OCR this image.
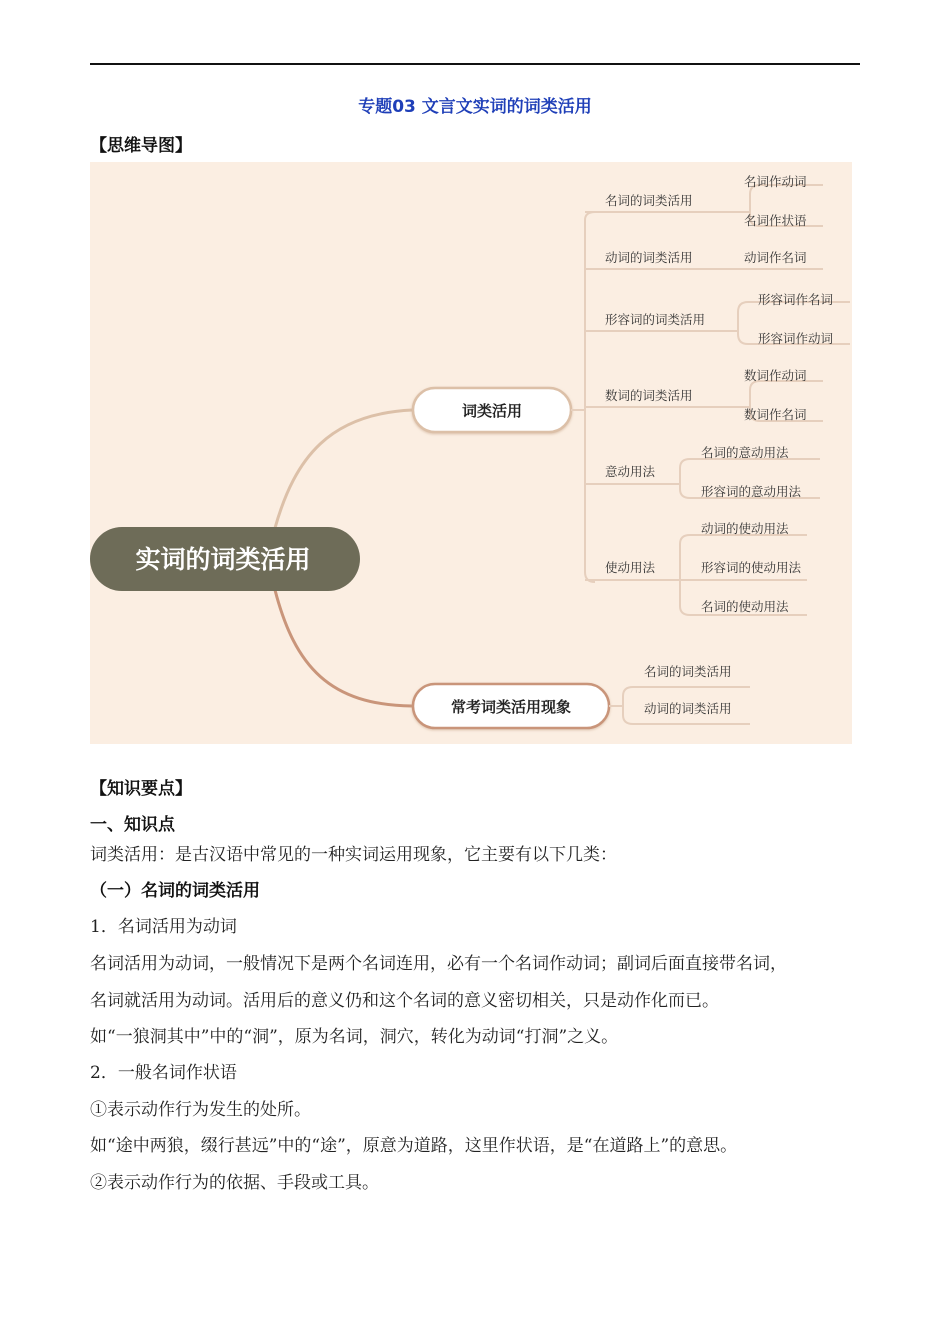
专题03 文言文实词的词类活用
【思维导图】
实词的词类活用
词类活用
名词的词类活用
动词的词类活用
形容词的词类活用
数词的词类活用
意动用法
使动用法
名词作动词
名词作状语
动词作名词
形容词作名词
形容词作动词
数词作动词
数词作名词
名词的意动用法
形容词的意动用法
动词的使动用法
形容词的使动用法
名词的使动用法
常考词类活用现象
名词的词类活用
动词的词类活用
【知识要点】
一、知识点
词类活用：是古汉语中常见的一种实词运用现象，它主要有以下几类：
（一）名词的词类活用
1．名词活用为动词
名词活用为动词，一般情况下是两个名词连用，必有一个名词作动词；副词后面直接带名词，
名词就活用为动词。活用后的意义仍和这个名词的意义密切相关，只是动作化而已。
如“一狼洞其中”中的“洞”，原为名词，洞穴，转化为动词“打洞”之义。
2．一般名词作状语
①表示动作行为发生的处所。
如“途中两狼，缀行甚远”中的“途”，原意为道路，这里作状语，是“在道路上”的意思。
②表示动作行为的依据、手段或工具。
